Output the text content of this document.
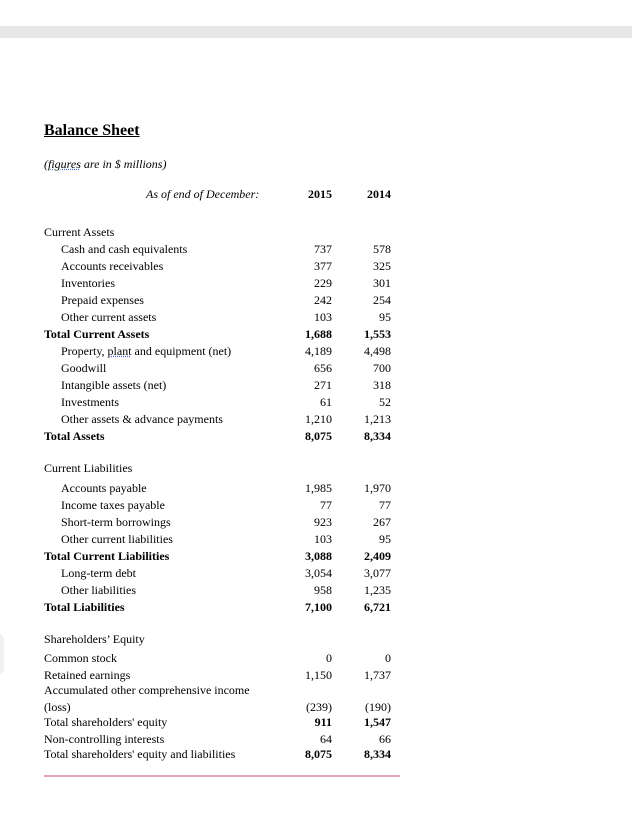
Balance Sheet
(figures are in $ millions)
As of end of December:	2015	2014
Current Assets
Cash and cash equivalents	737	578
Accounts receivables	377	325
Inventories	229	301
Prepaid expenses	242	254
Other current assets	103	95
Total Current Assets	1,688	1,553
Property, plant and equipment (net)	4,189	4,498
Goodwill	656	700
Intangible assets (net)	271	318
Investments	61	52
Other assets & advance payments	1,210	1,213
Total Assets	8,075	8,334
Current Liabilities
Accounts payable	1,985	1,970
Income taxes payable	77	77
Short-term borrowings	923	267
Other current liabilities	103	95
Total Current Liabilities	3,088	2,409
Long-term debt	3,054	3,077
Other liabilities	958	1,235
Total Liabilities	7,100	6,721
Shareholders’ Equity
Common stock	0	0
Retained earnings	1,150	1,737
Accumulated other comprehensive income
(loss)	(239)	(190)
Total shareholders' equity	911	1,547
Non-controlling interests	64	66
Total shareholders' equity and liabilities	8,075	8,334
